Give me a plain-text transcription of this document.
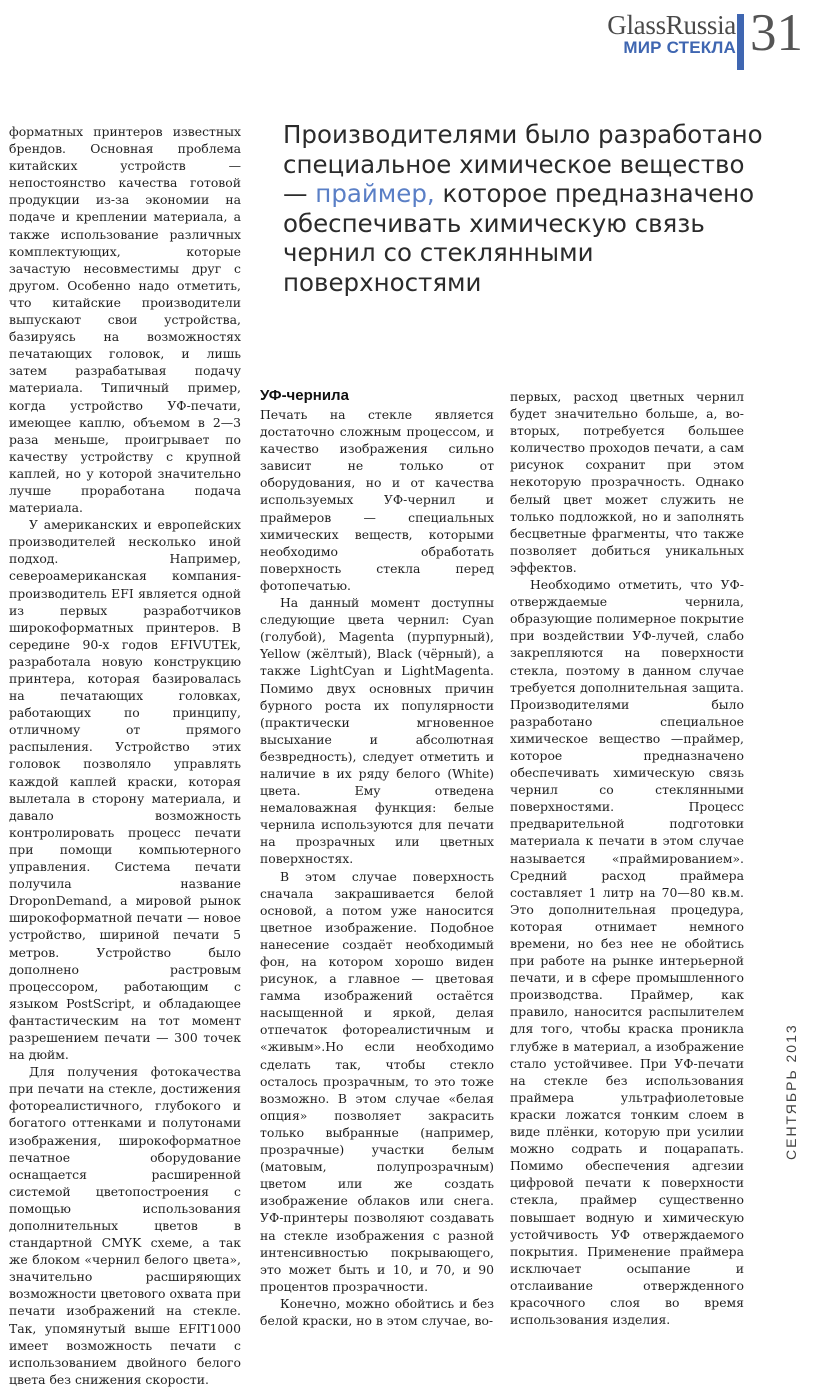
GlassRussia
МИР СТЕКЛА 31
СЕНТЯБРЬ 2013
Производителями было разработано специальное химическое вещество — праймер, которое предназначено обеспечивать химическую связь чернил со стеклянными поверхностями

форматных принтеров известных брендов. Основная проблема китайских устройств — непостоянство качества готовой продукции из-за экономии на подаче и креплении материала, а также использование различных комплектующих, которые зачастую несовместимы друг с другом. Особенно надо отметить, что китайские производители выпускают свои устройства, базируясь на возможностях печатающих головок, и лишь затем разрабатывая подачу материала. Типичный пример, когда устройство УФ-печати, имеющее каплю, объемом в 2—3 раза меньше, проигрывает по качеству устройству с крупной каплей, но у которой значительно лучше проработана подача материала.

У американских и европейских производителей несколько иной подход. Например, североамериканская компания-производитель EFI является одной из первых разработчиков широкоформатных принтеров. В середине 90-х годов EFIVUTEk, разработала новую конструкцию принтера, которая базировалась на печатающих головках, работающих по принципу, отличному от прямого распыления. Устройство этих головок позволяло управлять каждой каплей краски, которая вылетала в сторону материала, и давало возможность контролировать процесс печати при помощи компьютерного управления. Система печати получила название DroponDemand, а мировой рынок широкоформатной печати — новое устройство, шириной печати 5 метров. Устройство было дополнено растровым процессором, работающим с языком PostScript, и обладающее фантастическим на тот момент разрешением печати — 300 точек на дюйм.

Для получения фотокачества при печати на стекле, достижения фотореалистичного, глубокого и богатого оттенками и полутонами изображения, широкоформатное печатное оборудование оснащается расширенной системой цветопостроения с помощью использования дополнительных цветов в стандартной CMYK схеме, а так же блоком «чернил белого цвета», значительно расширяющих возможности цветового охвата при печати изображений на стекле. Так, упомянутый выше EFIT1000 имеет возможность печати с использованием двойного белого цвета без снижения скорости.

УФ-чернила

Печать на стекле является достаточно сложным процессом, и качество изображения сильно зависит не только от оборудования, но и от качества используемых УФ-чернил и праймеров — специальных химических веществ, которыми необходимо обработать поверхность стекла перед фотопечатью.

На данный момент доступны следующие цвета чернил: Cyan (голубой), Magenta (пурпурный), Yellow (жёлтый), Black (чёрный), а также LightCyan и LightMagenta. Помимо двух основных причин бурного роста их популярности (практически мгновенное высыхание и абсолютная безвредность), следует отметить и наличие в их ряду белого (White) цвета. Ему отведена немаловажная функция: белые чернила используются для печати на прозрачных или цветных поверхностях.

В этом случае поверхность сначала закрашивается белой основой, а потом уже наносится цветное изображение. Подобное нанесение создаёт необходимый фон, на котором хорошо виден рисунок, а главное — цветовая гамма изображений остаётся насыщенной и яркой, делая отпечаток фотореалистичным и «живым».Но если необходимо сделать так, чтобы стекло осталось прозрачным, то это тоже возможно. В этом случае «белая опция» позволяет закрасить только выбранные (например, прозрачные) участки белым (матовым, полупрозрачным) цветом или же создать изображение облаков или снега. УФ-принтеры позволяют создавать на стекле изображения с разной интенсивностью покрывающего, это может быть и 10, и 70, и 90 процентов прозрачности.

Конечно, можно обойтись и без белой краски, но в этом случае, во-

первых, расход цветных чернил будет значительно больше, а, во-вторых, потребуется большее количество проходов печати, а сам рисунок сохранит при этом некоторую прозрачность. Однако белый цвет может служить не только подложкой, но и заполнять бесцветные фрагменты, что также позволяет добиться уникальных эффектов.

Необходимо отметить, что УФ-отверждаемые чернила, образующие полимерное покрытие при воздействии УФ-лучей, слабо закрепляются на поверхности стекла, поэтому в данном случае требуется дополнительная защита. Производителями было разработано специальное химическое вещество —праймер, которое предназначено обеспечивать химическую связь чернил со стеклянными поверхностями. Процесс предварительной подготовки материала к печати в этом случае называется «праймированием». Средний расход праймера составляет 1 литр на 70—80 кв.м. Это дополнительная процедура, которая отнимает немного времени, но без нее не обойтись при работе на рынке интерьерной печати, и в сфере промышленного производства. Праймер, как правило, наносится распылителем для того, чтобы краска проникла глубже в материал, а изображение стало устойчивее. При УФ-печати на стекле без использования праймера ультрафиолетовые краски ложатся тонким слоем в виде плёнки, которую при усилии можно содрать и поцарапать. Помимо обеспечения адгезии цифровой печати к поверхности стекла, праймер существенно повышает водную и химическую устойчивость УФ отверждаемого покрытия. Применение праймера исключает осыпание и отслаивание отвержденного красочного слоя во время использования изделия.
